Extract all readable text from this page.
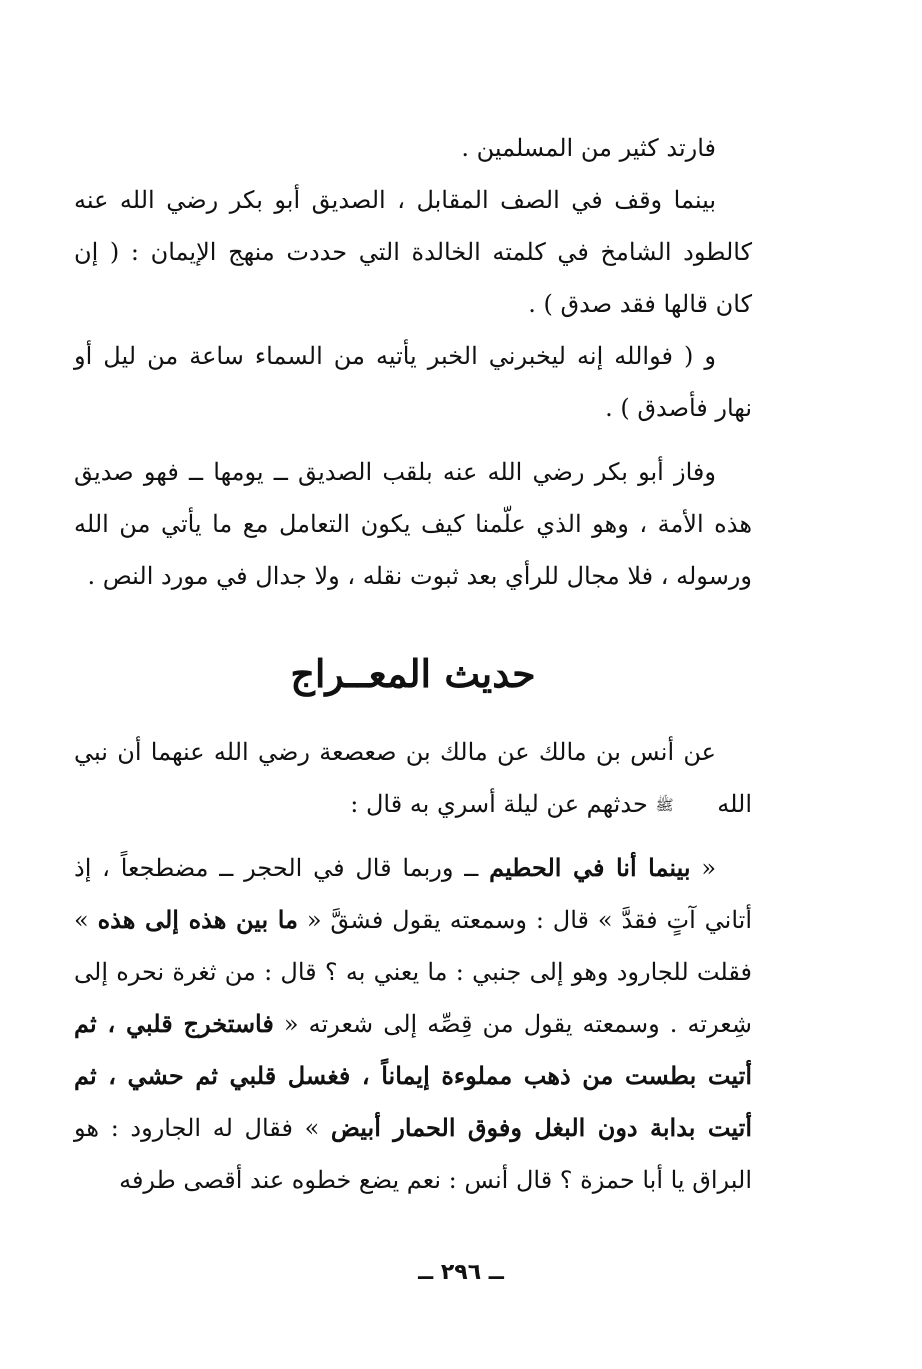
فارتد كثير من المسلمين .

بينما وقف في الصف المقابل ، الصديق أبو بكر رضي الله عنه كالطود الشامخ في كلمته الخالدة التي حددت منهج الإيمان : ( إن كان قالها فقد صدق ) .

و ( فوالله إنه ليخبرني الخبر يأتيه من السماء ساعة من ليل أو نهار فأصدق ) .

وفاز أبو بكر رضي الله عنه بلقب الصديق ــ يومها ــ فهو صديق هذه الأمة ، وهو الذي علّمنا كيف يكون التعامل مع ما يأتي من الله ورسوله ، فلا مجال للرأي بعد ثبوت نقله ، ولا جدال في مورد النص .

حديث المعــراج

عن أنس بن مالك عن مالك بن صعصعة رضي الله عنهما أن نبي الله ﷺ حدثهم عن ليلة أسري به قال :

« بينما أنا في الحطيم ــ وربما قال في الحجر ــ مضطجعاً ، إذ أتاني آتٍ فقدَّ » قال : وسمعته يقول فشقَّ « ما بين هذه إلى هذه » فقلت للجارود وهو إلى جنبي : ما يعني به ؟ قال : من ثغرة نحره إلى شِعرته . وسمعته يقول من قِصِّه إلى شعرته « فاستخرج قلبي ، ثم أتيت بطست من ذهب مملوءة إيماناً ، فغسل قلبي ثم حشي ، ثم أتيت بدابة دون البغل وفوق الحمار أبيض » فقال له الجارود : هو البراق يا أبا حمزة ؟ قال أنس : نعم يضع خطوه عند أقصى طرفه

ــ ٢٩٦ ــ
